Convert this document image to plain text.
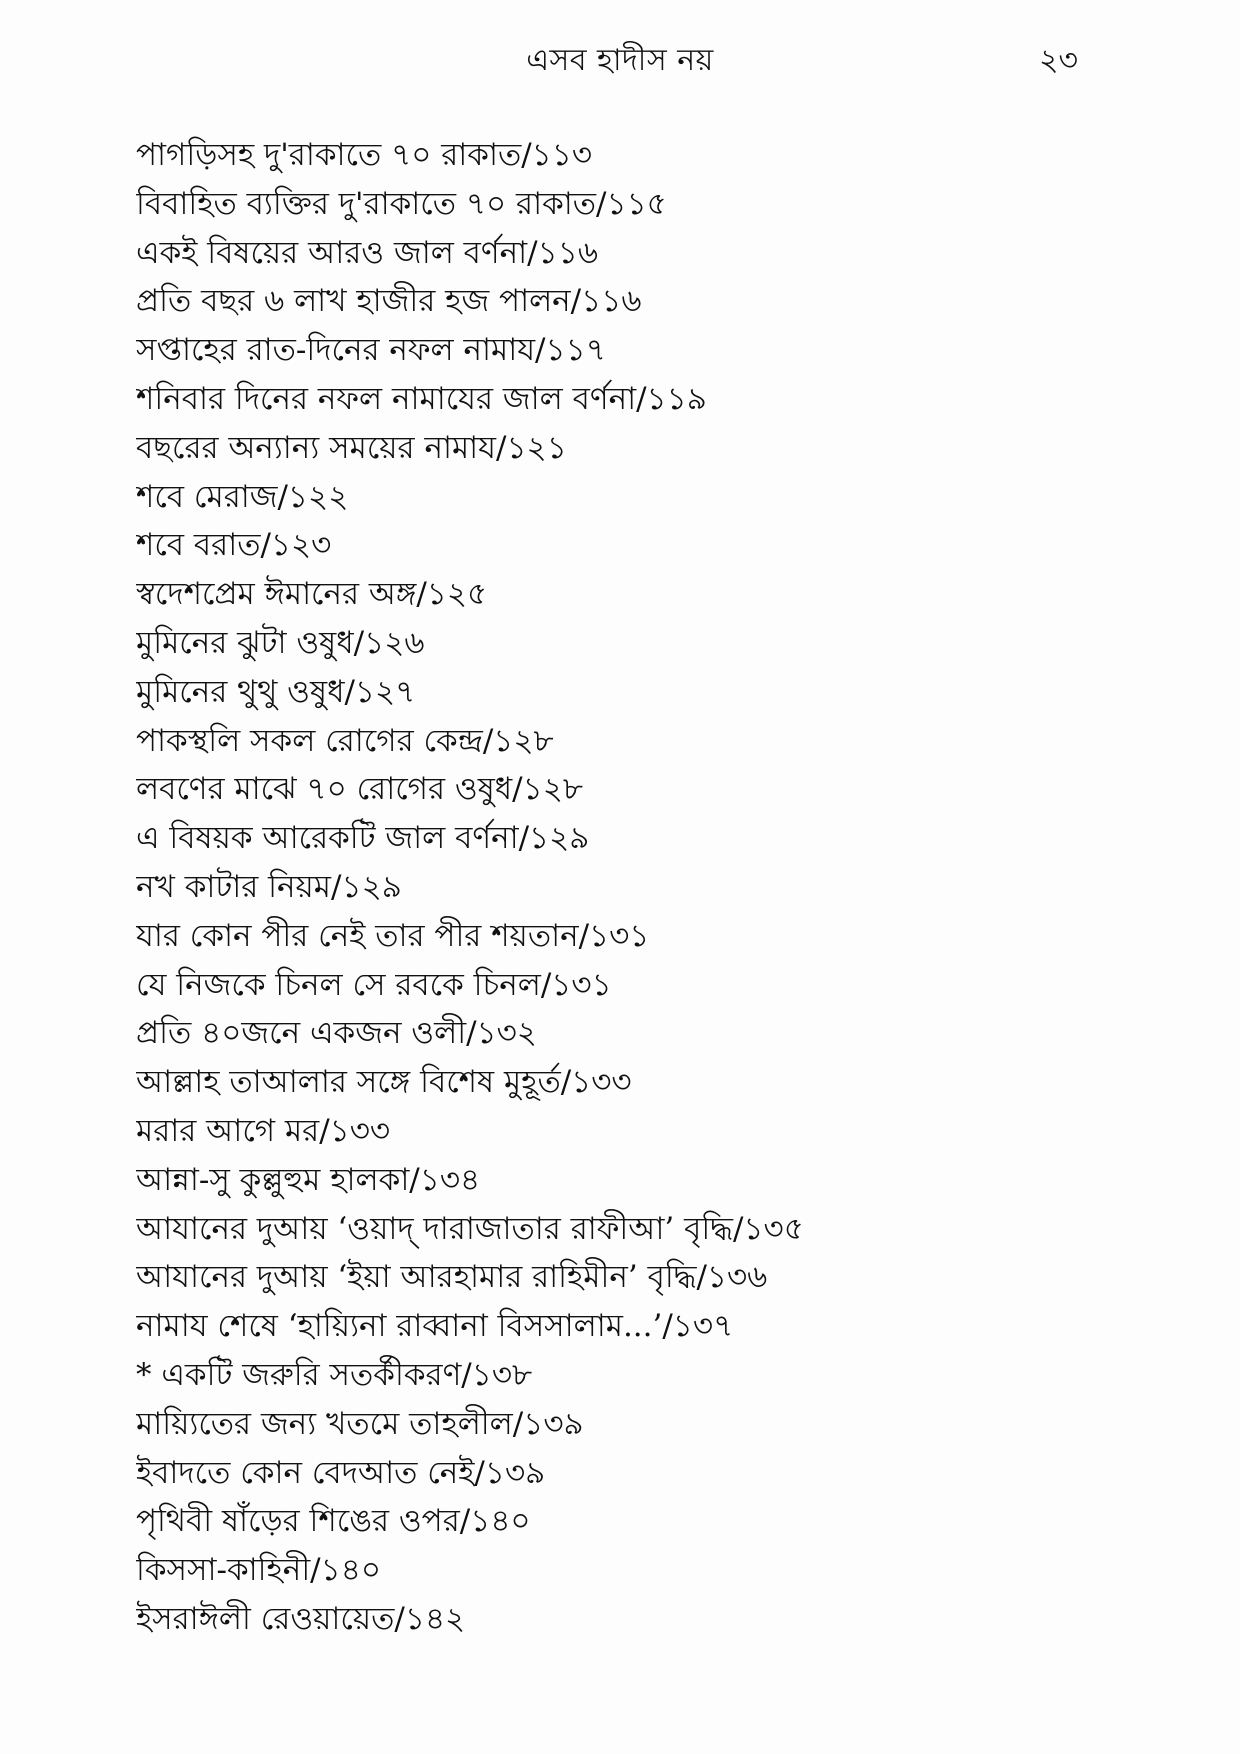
এসব হাদীস নয়	২৩
পাগড়িসহ দু'রাকাতে ৭০ রাকাত/১১৩
বিবাহিত ব্যক্তির দু'রাকাতে ৭০ রাকাত/১১৫
একই বিষয়ের আরও জাল বর্ণনা/১১৬
প্রতি বছর ৬ লাখ হাজীর হজ পালন/১১৬
সপ্তাহের রাত-দিনের নফল নামায/১১৭
শনিবার দিনের নফল নামাযের জাল বর্ণনা/১১৯
বছরের অন্যান্য সময়ের নামায/১২১
শবে মেরাজ/১২২
শবে বরাত/১২৩
স্বদেশপ্রেম ঈমানের অঙ্গ/১২৫
মুমিনের ঝুটা ওষুধ/১২৬
মুমিনের থুথু ওষুধ/১২৭
পাকস্থলি সকল রোগের কেন্দ্র/১২৮
লবণের মাঝে ৭০ রোগের ওষুধ/১২৮
এ বিষয়ক আরেকটি জাল বর্ণনা/১২৯
নখ কাটার নিয়ম/১২৯
যার কোন পীর নেই তার পীর শয়তান/১৩১
যে নিজকে চিনল সে রবকে চিনল/১৩১
প্রতি ৪০জনে একজন ওলী/১৩২
আল্লাহ তাআলার সঙ্গে বিশেষ মুহূর্ত/১৩৩
মরার আগে মর/১৩৩
আন্না-সু কুল্লুহুম হালকা/১৩৪
আযানের দুআয় ‘ওয়াদ্‌ দারাজাতার রাফীআ’ বৃদ্ধি/১৩৫
আযানের দুআয় ‘ইয়া আরহামার রাহিমীন’ বৃদ্ধি/১৩৬
নামায শেষে ‘হায়্যিনা রাব্বানা বিসসালাম...’/১৩৭
* একটি জরুরি সতর্কীকরণ/১৩৮
মায়্যিতের জন্য খতমে তাহলীল/১৩৯
ইবাদতে কোন বেদআত নেই/১৩৯
পৃথিবী ষাঁড়ের শিঙের ওপর/১৪০
কিসসা-কাহিনী/১৪০
ইসরাঈলী রেওয়ায়েত/১৪২
